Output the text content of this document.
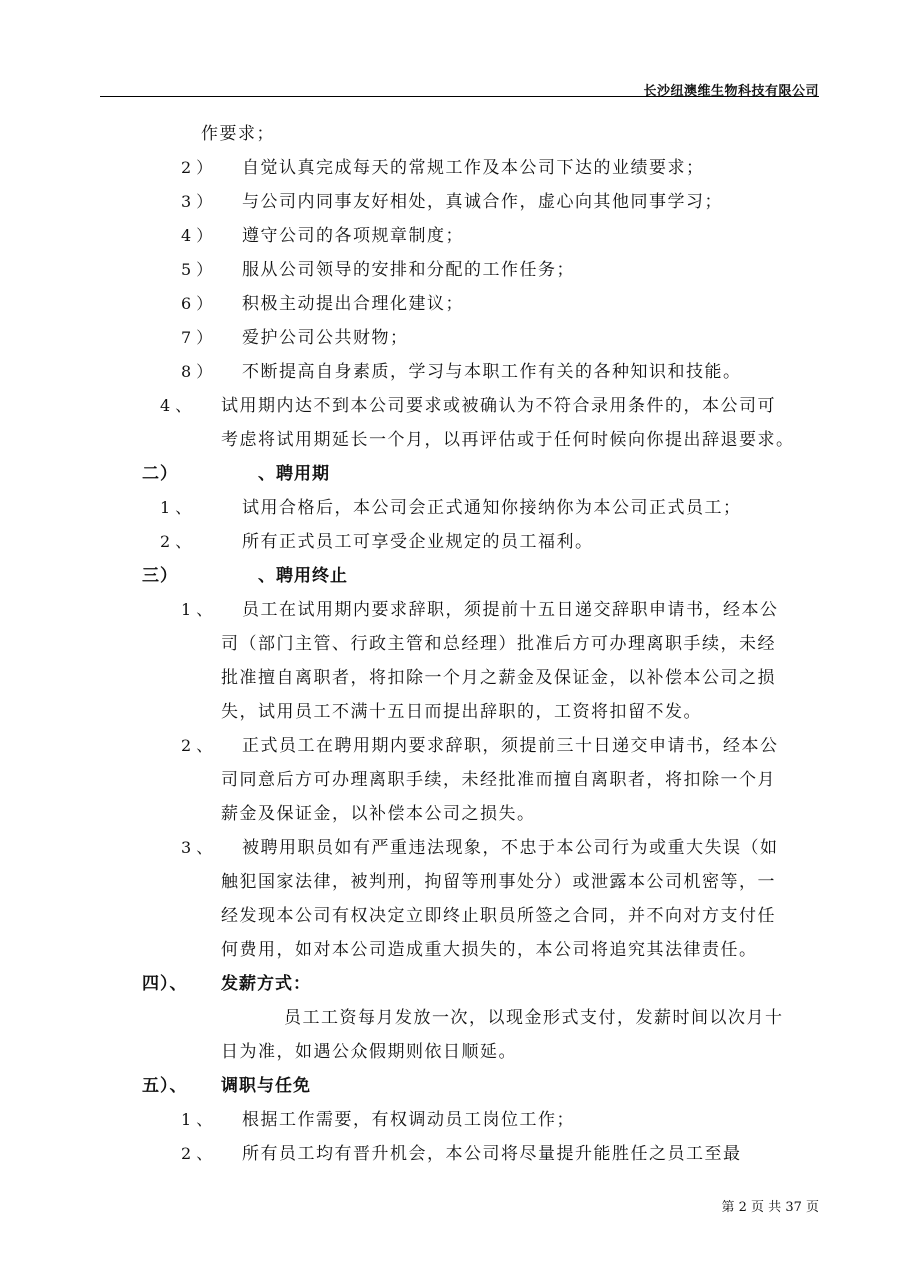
长沙纽澳维生物科技有限公司
作要求；
2 ） 自觉认真完成每天的常规工作及本公司下达的业绩要求；
3 ） 与公司内同事友好相处，真诚合作，虚心向其他同事学习；
4 ） 遵守公司的各项规章制度；
5 ） 服从公司领导的安排和分配的工作任务；
6 ） 积极主动提出合理化建议；
7 ） 爱护公司公共财物；
8 ） 不断提高自身素质，学习与本职工作有关的各种知识和技能。
4 、 试用期内达不到本公司要求或被确认为不符合录用条件的，本公司可
考虑将试用期延长一个月，以再评估或于任何时候向你提出辞退要求。
1 、	试用合格后，本公司会正式通知你接纳你为本公司正式员工；
2 、	所有正式员工可享受企业规定的员工福利。
1 、 员工在试用期内要求辞职，须提前十五日递交辞职申请书，经本公
司（部门主管、行政主管和总经理）批准后方可办理离职手续，未经
批准擅自离职者，将扣除一个月之薪金及保证金，以补偿本公司之损
失，试用员工不满十五日而提出辞职的，工资将扣留不发。
2 、 正式员工在聘用期内要求辞职，须提前三十日递交申请书，经本公
司同意后方可办理离职手续，未经批准而擅自离职者，将扣除一个月
薪金及保证金，以补偿本公司之损失。
3 、 被聘用职员如有严重违法现象，不忠于本公司行为或重大失误（如
触犯国家法律，被判刑，拘留等刑事处分）或泄露本公司机密等，一
经发现本公司有权决定立即终止职员所签之合同，并不向对方支付任
何费用，如对本公司造成重大损失的，本公司将追究其法律责任。
员工工资每月发放一次，以现金形式支付，发薪时间以次月十
日为准，如遇公众假期则依日顺延。
1 、 根据工作需要，有权调动员工岗位工作；
2 、 所有员工均有晋升机会，本公司将尽量提升能胜任之员工至最
二）	、聘用期
三）	、聘用终止
四）、 发薪方式：
五）、 调职与任免
第 2 页 共 37 页
